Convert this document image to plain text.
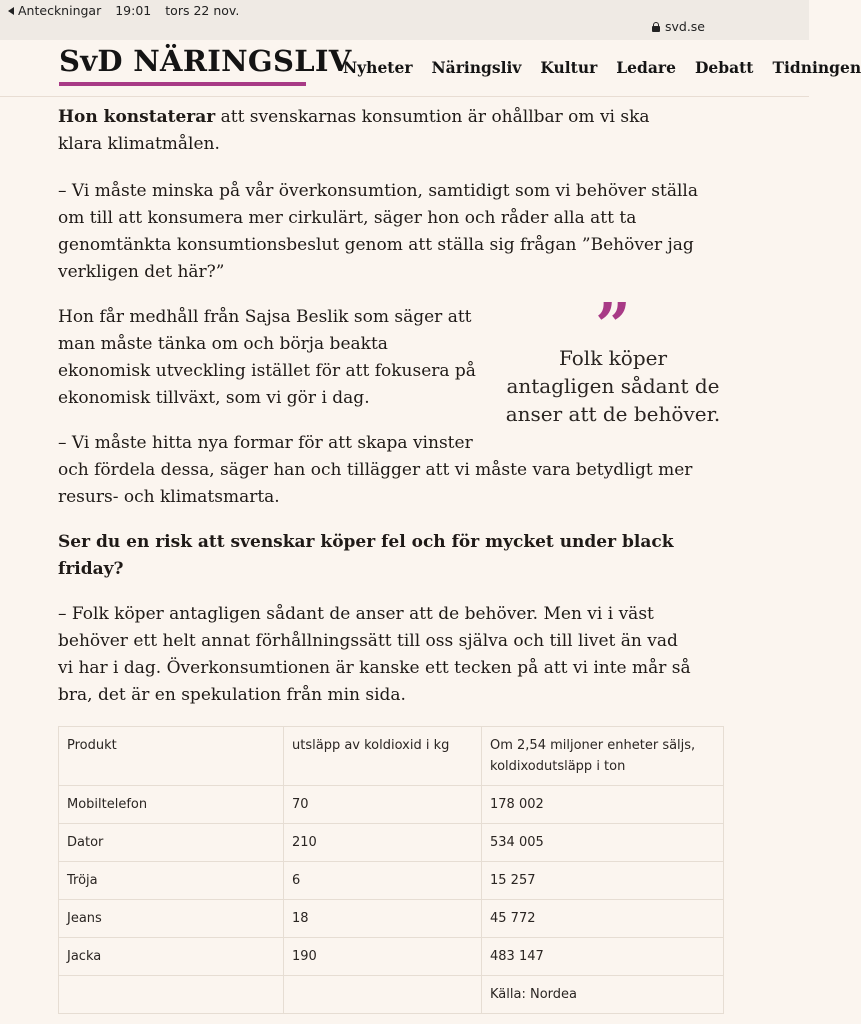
Anteckningar 19:01 tors 22 nov.
svd.se
SvD NÄRINGSLIV
Nyheter Näringsliv Kultur Ledare Debatt Tidningen

Hon konstaterar att svenskarnas konsumtion är ohållbar om vi ska klara klimatmålen.

– Vi måste minska på vår överkonsumtion, samtidigt som vi behöver ställa om till att konsumera mer cirkulärt, säger hon och råder alla att ta genomtänkta konsumtionsbeslut genom att ställa sig frågan ”Behöver jag verkligen det här?”

Hon får medhåll från Sajsa Beslik som säger att man måste tänka om och börja beakta ekonomisk utveckling istället för att fokusera på ekonomisk tillväxt, som vi gör i dag.

– Vi måste hitta nya formar för att skapa vinster
och fördela dessa, säger han och tillägger att vi måste vara betydligt mer resurs- och klimatsmarta.

Ser du en risk att svenskar köper fel och för mycket under black friday?

– Folk köper antagligen sådant de anser att de behöver. Men vi i väst behöver ett helt annat förhållningssätt till oss själva och till livet än vad vi har i dag. Överkonsumtionen är kanske ett tecken på att vi inte mår så bra, det är en spekulation från min sida.

”
Folk köper antagligen sådant de anser att de behöver.
Produkt	utsläpp av koldioxid i kg	Om 2,54 miljoner enheter säljs, koldixodutsläpp i ton
Mobiltelefon	70	178 002
Dator	210	534 005
Tröja	6	15 257
Jeans	18	45 772
Jacka	190	483 147
		Källa: Nordea
